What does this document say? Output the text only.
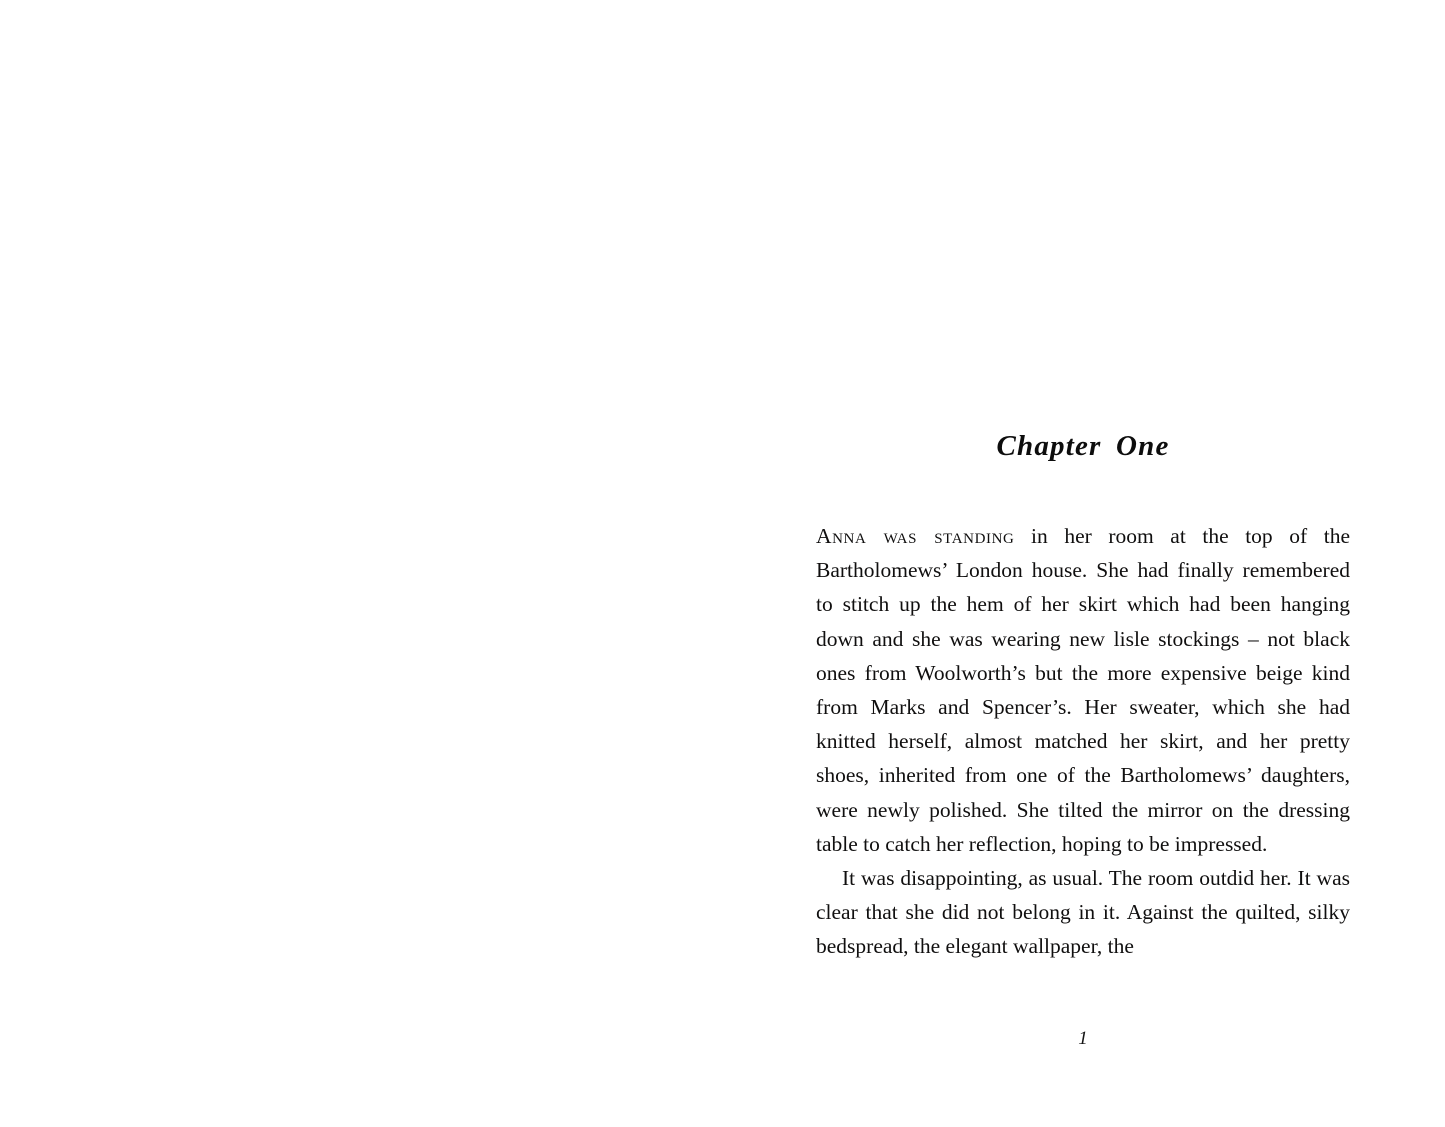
Chapter One

Anna was standing in her room at the top of the Bartholomews’ London house. She had finally remembered to stitch up the hem of her skirt which had been hanging down and she was wearing new lisle stockings – not black ones from Woolworth’s but the more expensive beige kind from Marks and Spencer’s. Her sweater, which she had knitted herself, almost matched her skirt, and her pretty shoes, inherited from one of the Bartholomews’ daughters, were newly polished. She tilted the mirror on the dressing table to catch her reflection, hoping to be impressed.

It was disappointing, as usual. The room outdid her. It was clear that she did not belong in it. Against the quilted, silky bedspread, the elegant wallpaper, the

1
